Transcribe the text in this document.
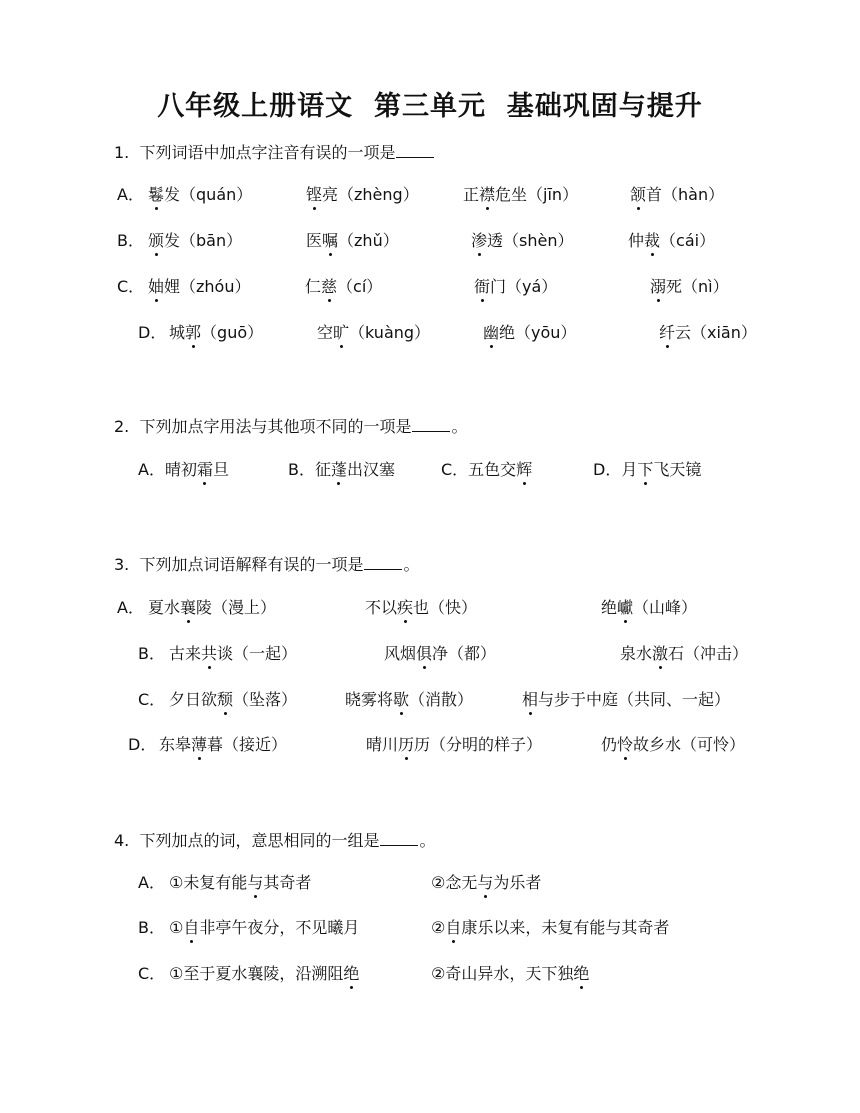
八年级上册语文  第三单元  基础巩固与提升
1. 下列词语中加点字注音有误的一项是
A． 鬈发（quán）	铿亮（zhèng）	正襟危坐（jīn）	颔首（hàn）
B． 颁发（bān）	医嘱（zhǔ）	渗透（shèn）	仲裁（cái）
C． 妯娌（zhóu）	仁慈（cí）	衙门（yá）	溺死（nì）
D． 城郭（guō）	空旷（kuàng）	幽绝（yōu）	纤云（xiān）
2. 下列加点字用法与其他项不同的一项是	。
A．晴初霜旦	B．征蓬出汉塞	C．五色交辉	D．月下飞天镜
3. 下列加点词语解释有误的一项是	。
A． 夏水襄陵（漫上）	不以疾也（快）	绝巘（山峰）
B． 古来共谈（一起）	风烟俱净（都）	泉水激石（冲击）
C． 夕日欲颓（坠落）	晓雾将歇（消散）	相与步于中庭（共同、一起）
D． 东皋薄暮（接近）	晴川历历（分明的样子）	仍怜故乡水（可怜）
4. 下列加点的词，意思相同的一组是	。
A． ①未复有能与其奇者	②念无与为乐者
B． ①自非亭午夜分，不见曦月	②自康乐以来，未复有能与其奇者
C． ①至于夏水襄陵，沿溯阻绝	②奇山异水，天下独绝
